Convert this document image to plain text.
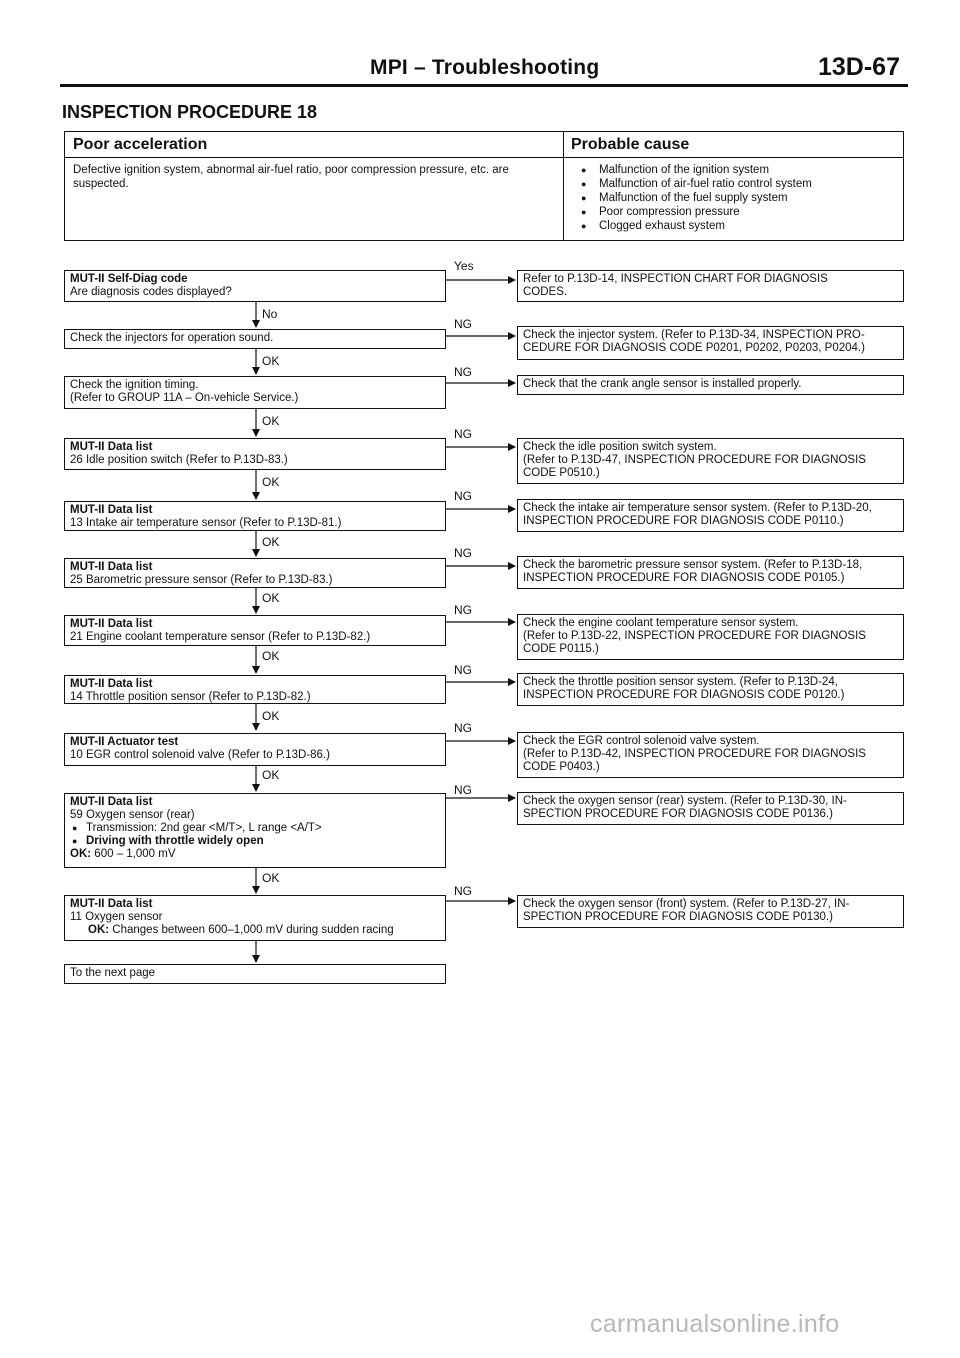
MPI – Troubleshooting	13D-67
INSPECTION PROCEDURE 18
Poor acceleration
Defective ignition system, abnormal air-fuel ratio, poor compression pressure, etc. are suspected.
Probable cause
● Malfunction of the ignition system
● Malfunction of air-fuel ratio control system
● Malfunction of the fuel supply system
● Poor compression pressure
● Clogged exhaust system
MUT-II Self-Diag code
Are diagnosis codes displayed?
Yes
Refer to P.13D-14, INSPECTION CHART FOR DIAGNOSIS
CODES.
No
Check the injectors for operation sound.
NG
Check the injector system. (Refer to P.13D-34, INSPECTION PRO-
CEDURE FOR DIAGNOSIS CODE P0201, P0202, P0203, P0204.)
OK
Check the ignition timing.
(Refer to GROUP 11A – On-vehicle Service.)
NG
Check that the crank angle sensor is installed properly.
OK
MUT-II Data list
26 Idle position switch (Refer to P.13D-83.)
NG
Check the idle position switch system.
(Refer to P.13D-47, INSPECTION PROCEDURE FOR DIAGNOSIS
CODE P0510.)
OK
MUT-II Data list
13 Intake air temperature sensor (Refer to P.13D-81.)
NG
Check the intake air temperature sensor system. (Refer to P.13D-20,
INSPECTION PROCEDURE FOR DIAGNOSIS CODE P0110.)
OK
MUT-II Data list
25 Barometric pressure sensor (Refer to P.13D-83.)
NG
Check the barometric pressure sensor system. (Refer to P.13D-18,
INSPECTION PROCEDURE FOR DIAGNOSIS CODE P0105.)
OK
MUT-II Data list
21 Engine coolant temperature sensor (Refer to P.13D-82.)
NG
Check the engine coolant temperature sensor system.
(Refer to P.13D-22, INSPECTION PROCEDURE FOR DIAGNOSIS
CODE P0115.)
OK
MUT-II Data list
14 Throttle position sensor (Refer to P.13D-82.)
NG
Check the throttle position sensor system. (Refer to P.13D-24,
INSPECTION PROCEDURE FOR DIAGNOSIS CODE P0120.)
OK
MUT-II Actuator test
10 EGR control solenoid valve (Refer to P.13D-86.)
NG
Check the EGR control solenoid valve system.
(Refer to P.13D-42, INSPECTION PROCEDURE FOR DIAGNOSIS
CODE P0403.)
OK
MUT-II Data list
59 Oxygen sensor (rear)
● Transmission: 2nd gear <M/T>, L range <A/T>
● Driving with throttle widely open
OK: 600 – 1,000 mV
NG
Check the oxygen sensor (rear) system. (Refer to P.13D-30, IN-
SPECTION PROCEDURE FOR DIAGNOSIS CODE P0136.)
OK
MUT-II Data list
11 Oxygen sensor
OK: Changes between 600–1,000 mV during sudden racing
NG
Check the oxygen sensor (front) system. (Refer to P.13D-27, IN-
SPECTION PROCEDURE FOR DIAGNOSIS CODE P0130.)
To the next page
carmanualsonline.info
